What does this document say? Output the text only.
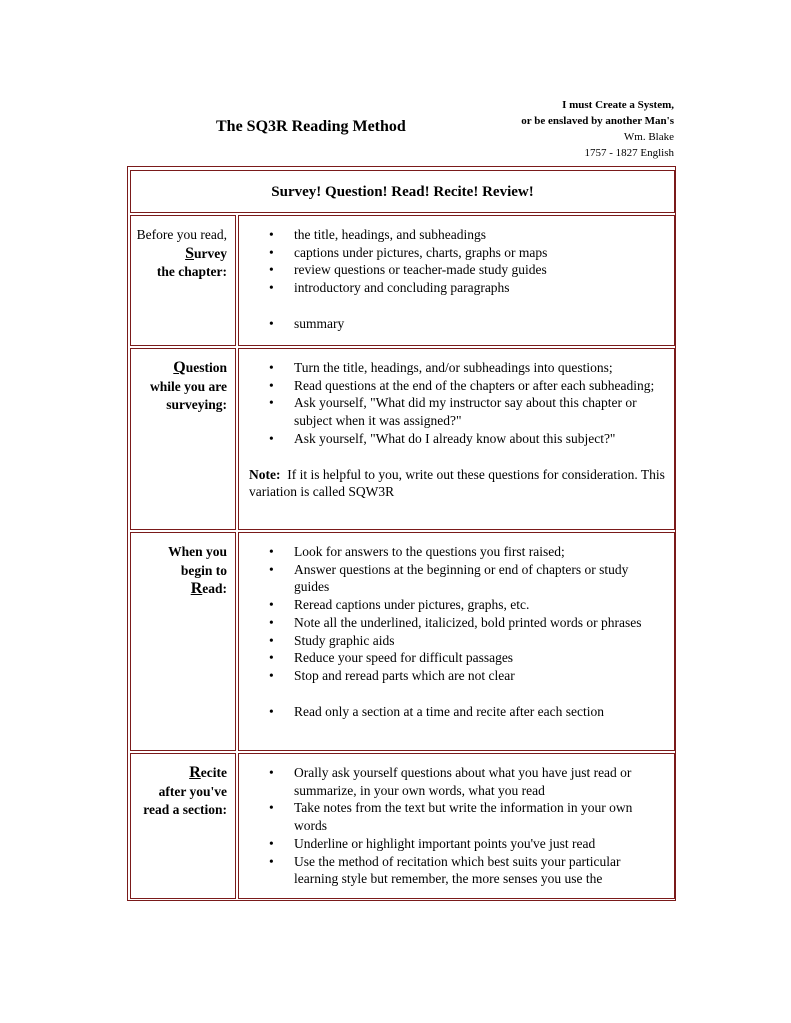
The SQ3R Reading Method
I must Create a System,
or be enslaved by another Man's
Wm. Blake
1757 - 1827 English
Survey! Question! Read! Recite! Review!
Before you read, Survey
the chapter:
• the title, headings, and subheadings
• captions under pictures, charts, graphs or maps
• review questions or teacher-made study guides
• introductory and concluding paragraphs
• summary
Question
while you are surveying:
• Turn the title, headings, and/or subheadings into questions;
• Read questions at the end of the chapters or after each subheading;
• Ask yourself, "What did my instructor say about this chapter or subject when it was assigned?"
• Ask yourself, "What do I already know about this subject?"
Note: If it is helpful to you, write out these questions for consideration. This variation is called SQW3R
When you begin to
Read:
• Look for answers to the questions you first raised;
• Answer questions at the beginning or end of chapters or study guides
• Reread captions under pictures, graphs, etc.
• Note all the underlined, italicized, bold printed words or phrases
• Study graphic aids
• Reduce your speed for difficult passages
• Stop and reread parts which are not clear
• Read only a section at a time and recite after each section
Recite
after you've read a section:
• Orally ask yourself questions about what you have just read or summarize, in your own words, what you read
• Take notes from the text but write the information in your own words
• Underline or highlight important points you've just read
• Use the method of recitation which best suits your particular learning style but remember, the more senses you use the
